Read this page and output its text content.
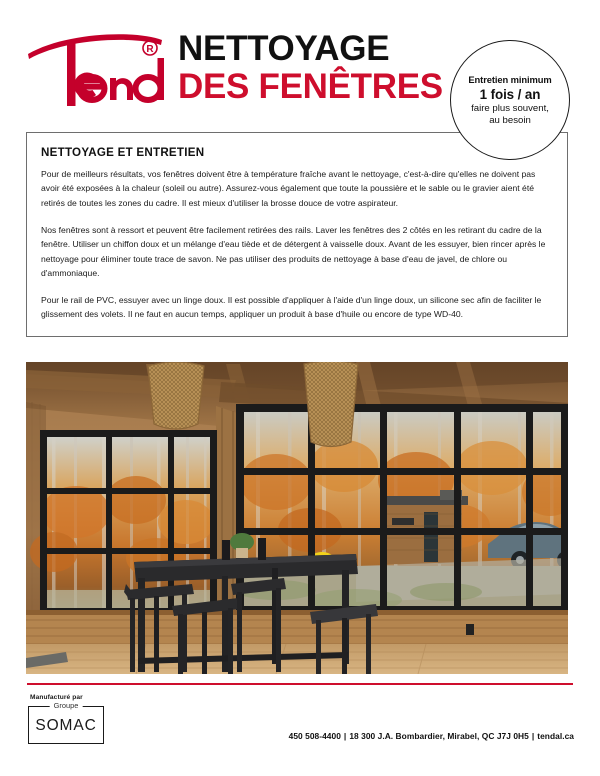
R NETTOYAGE
DES FENÊTRES	Entretien minimum
1 fois / an
faire plus souvent,
au besoin
NETTOYAGE ET ENTRETIEN

Pour de meilleurs résultats, vos fenêtres doivent être à température fraîche avant le nettoyage, c'est-à-dire qu'elles ne doivent pas avoir été exposées à la chaleur (soleil ou autre). Assurez-vous également que toute la poussière et le sable ou le gravier aient été retirés de toutes les zones du cadre. Il est mieux d'utiliser la brosse douce de votre aspirateur.

Nos fenêtres sont à ressort et peuvent être facilement retirées des rails. Laver les fenêtres des 2 côtés en les retirant du cadre de la fenêtre. Utiliser un chiffon doux et un mélange d'eau tiède et de détergent à vaisselle doux. Avant de les essuyer, bien rincer après le nettoyage pour éliminer toute trace de savon. Ne pas utiliser des produits de nettoyage à base d'eau de javel, de chlore ou d'ammoniaque.

Pour le rail de PVC, essuyer avec un linge doux. Il est possible d'appliquer à l'aide d'un linge doux, un silicone sec afin de faciliter le glissement des volets. Il ne faut en aucun temps, appliquer un produit à base d'huile ou encore de type WD-40.

Manufacturé par
Groupe
SOMAC
450 508-4400 | 18 300 J.A. Bombardier, Mirabel, QC J7J 0H5 | tendal.ca
